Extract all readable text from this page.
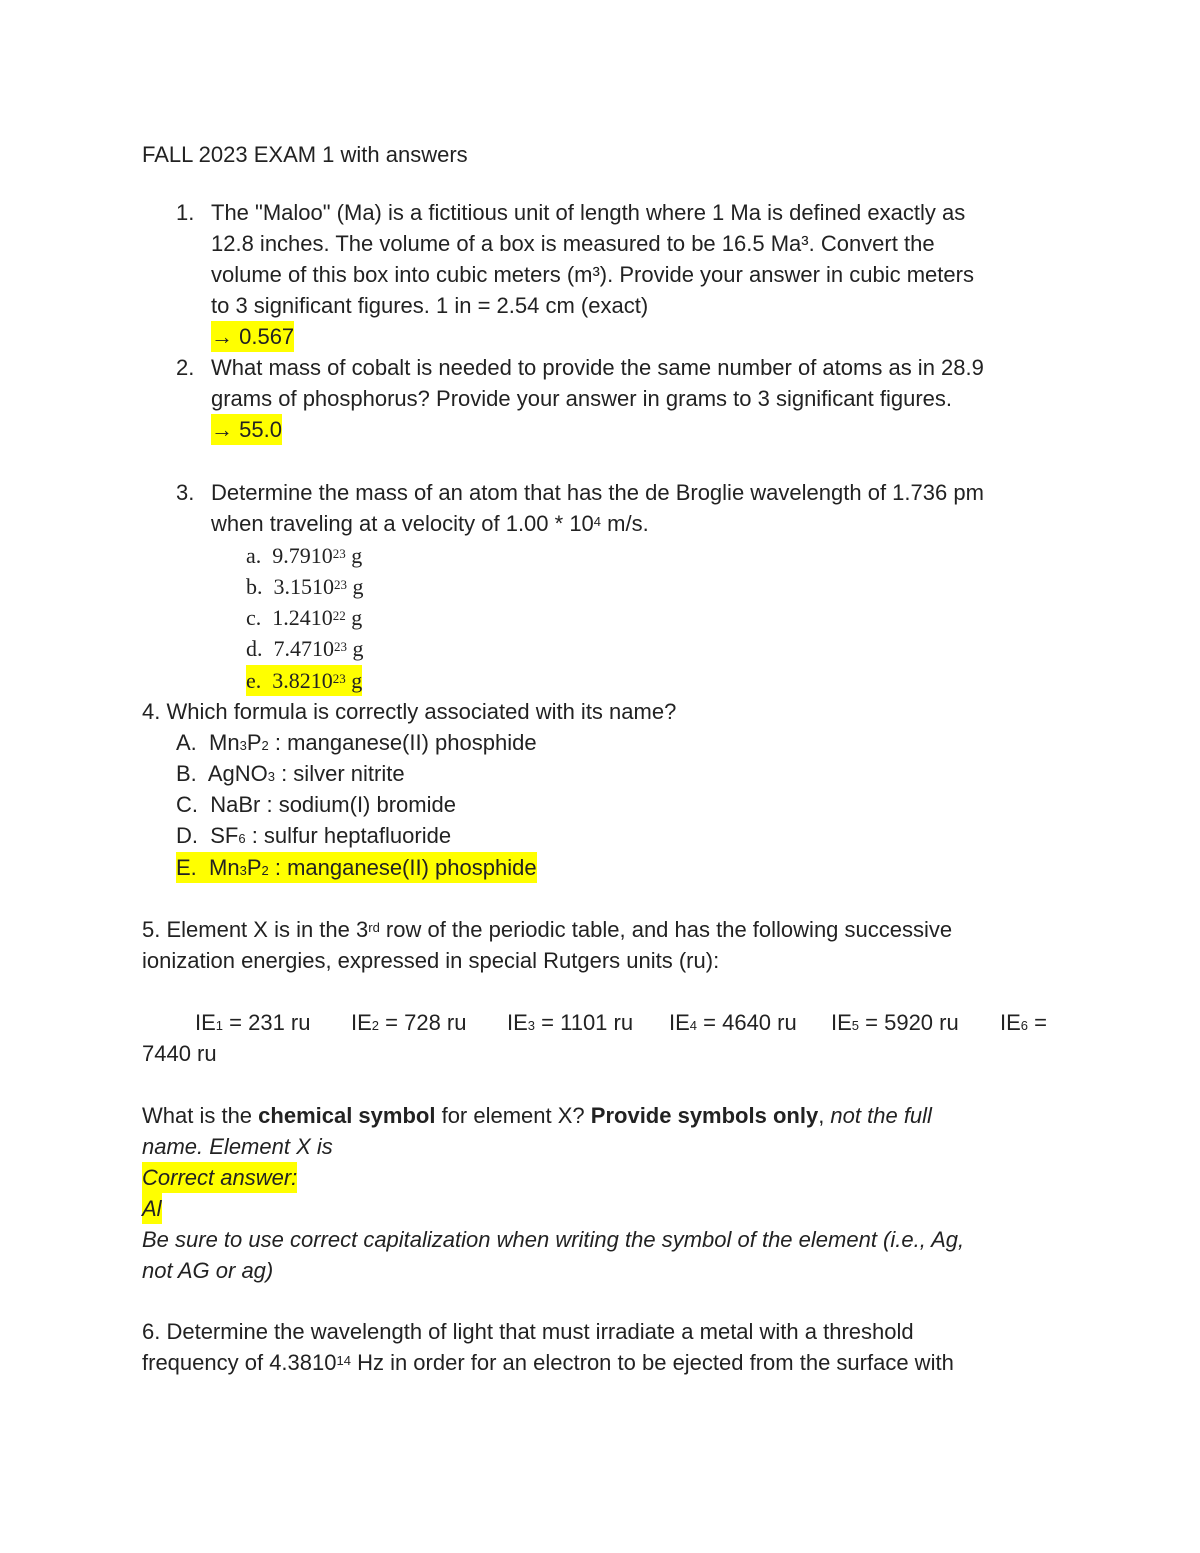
FALL 2023 EXAM 1 with answers
1. The "Maloo" (Ma) is a fictitious unit of length where 1 Ma is defined exactly as
12.8 inches. The volume of a box is measured to be 16.5 Ma³. Convert the
volume of this box into cubic meters (m³). Provide your answer in cubic meters
to 3 significant figures. 1 in = 2.54 cm (exact)
→ 0.567
2. What mass of cobalt is needed to provide the same number of atoms as in 28.9
grams of phosphorus? Provide your answer in grams to 3 significant figures.
→ 55.0
3. Determine the mass of an atom that has the de Broglie wavelength of 1.736 pm
when traveling at a velocity of $1.00 * 10^4$ m/s.
a. 9.7910$^{23}$ g
b. 3.1510$^{23}$ g
c. 1.2410$^{22}$ g
d. 7.4710$^{23}$ g
e. 3.8210$^{23}$ g
4. Which formula is correctly associated with its name?
A. $Mn_3P_2$ : manganese(II) phosphide
B. AgNO$_3$ : silver nitrite
C. NaBr : sodium(I) bromide
D. $SF_6$ : sulfur heptafluoride
E. $Mn_3P_2$ : manganese(II) phosphide
5. Element X is in the 3rd row of the periodic table, and has the following successive
ionization energies, expressed in special Rutgers units (ru):
$IE_1 = 231$ ru $IE_2 = 728$ ru $IE_3 = 1101$ ru $IE_4 = 4640$ ru $IE_5 = 5920$ ru $IE_6$ =
7440 ru
What is the chemical symbol for element X? Provide symbols only, not the full
name. Element X is
Correct answer:
Al
Be sure to use correct capitalization when writing the symbol of the element (i.e., Ag,
not AG or ag)
6. Determine the wavelength of light that must irradiate a metal with a threshold
frequency of 4.3810$^{14}$ Hz in order for an electron to be ejected from the surface with
